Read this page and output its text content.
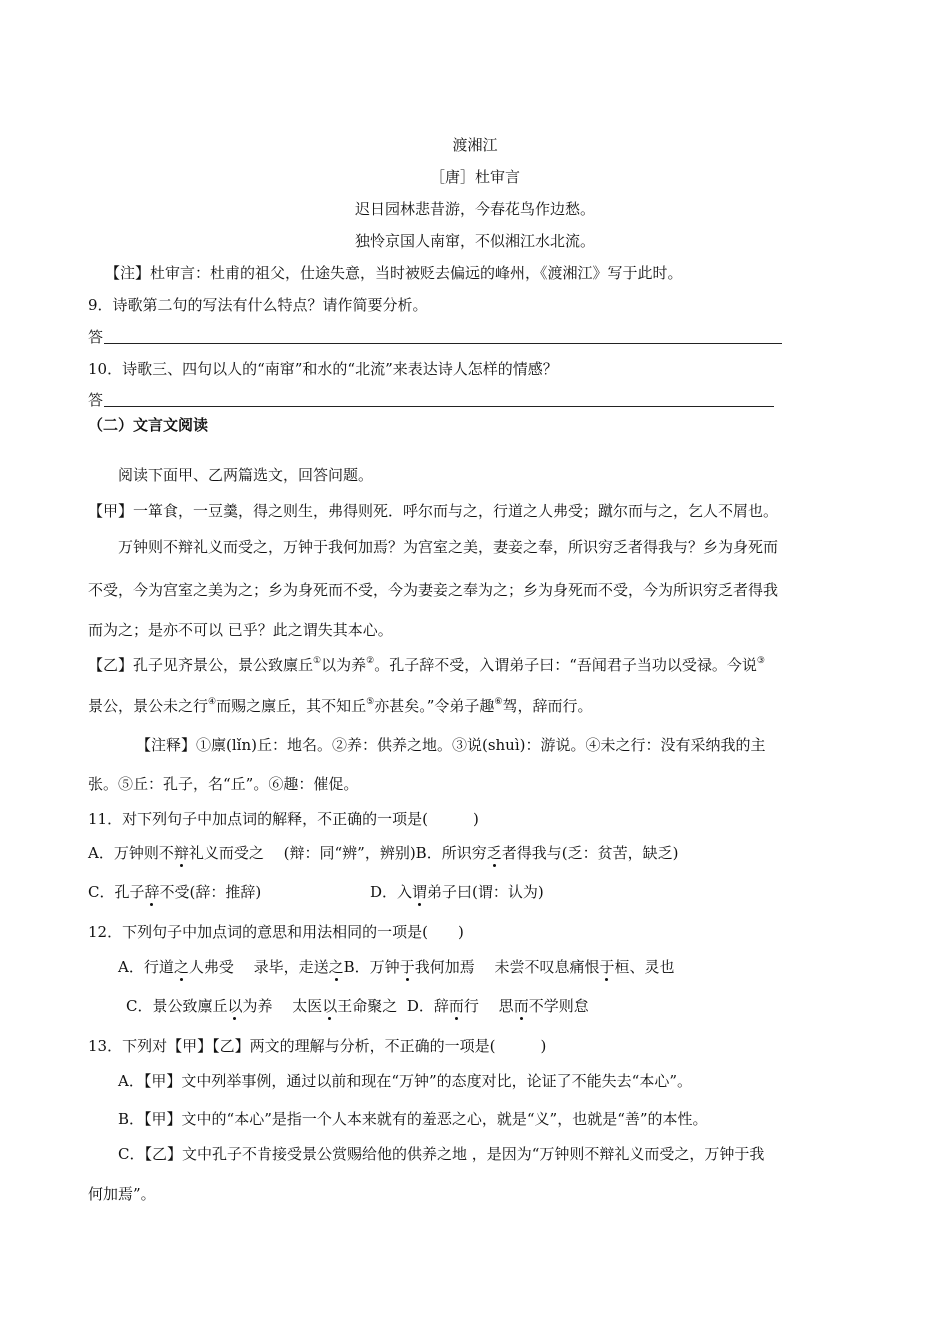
渡湘江
［唐］杜审言
迟日园林悲昔游，今春花鸟作边愁。
独怜京国人南窜，不似湘江水北流。
【注】杜审言：杜甫的祖父，仕途失意，当时被贬去偏远的峰州，《渡湘江》写于此时。
9．诗歌第二句的写法有什么特点？请作简要分析。
答
10．诗歌三、四句以人的“南窜”和水的“北流”来表达诗人怎样的情感？
答
（二）文言文阅读
阅读下面甲、乙两篇选文，回答问题。
【甲】一箪食，一豆羹，得之则生，弗得则死．呼尔而与之，行道之人弗受；蹴尔而与之，乞人不屑也。
万钟则不辩礼义而受之，万钟于我何加焉？为宫室之美，妻妾之奉，所识穷乏者得我与？乡为身死而
不受，今为宫室之美为之；乡为身死而不受，今为妻妾之奉为之；乡为身死而不受，今为所识穷乏者得我
而为之；是亦不可以 已乎？此之谓失其本心。
【乙】孔子见齐景公，景公致廪丘①以为养②。孔子辞不受，入谓弟子曰：“吾闻君子当功以受禄。今说③
景公，景公未之行④而赐之廪丘，其不知丘⑤亦甚矣。”令弟子趣⑥驾，辞而行。
【注释】①廪(lǐn)丘：地名。②养：供养之地。③说(shuì)：游说。④未之行：没有采纳我的主
张。⑤丘：孔子，名“丘”。⑥趣：催促。
11．对下列句子中加点词的解释，不正确的一项是(　　　)
A．万钟则不辩礼义而受之　 (辩：同“辨”，辨别)B．所识穷乏者得我与(乏：贫苦，缺乏)
C．孔子辞不受(辞：推辞)	D．入谓弟子曰(谓：认为)
12．下列句子中加点词的意思和用法相同的一项是(　　)
A．行道之人弗受　 录毕，走送之B．万钟于我何加焉　 未尝不叹息痛恨于桓、灵也
C．景公致廪丘以为养　 太医以王命聚之 D．辞而行　 思而不学则怠
13．下列对【甲】【乙】两文的理解与分析，不正确的一项是(　　　)
A．【甲】文中列举事例，通过以前和现在“万钟”的态度对比，论证了不能失去“本心”。
B．【甲】文中的“本心”是指一个人本来就有的羞恶之心，就是“义”，也就是“善”的本性。
C．【乙】文中孔子不肯接受景公赏赐给他的供养之地 ，是因为“万钟则不辩礼义而受之，万钟于我
何加焉”。
